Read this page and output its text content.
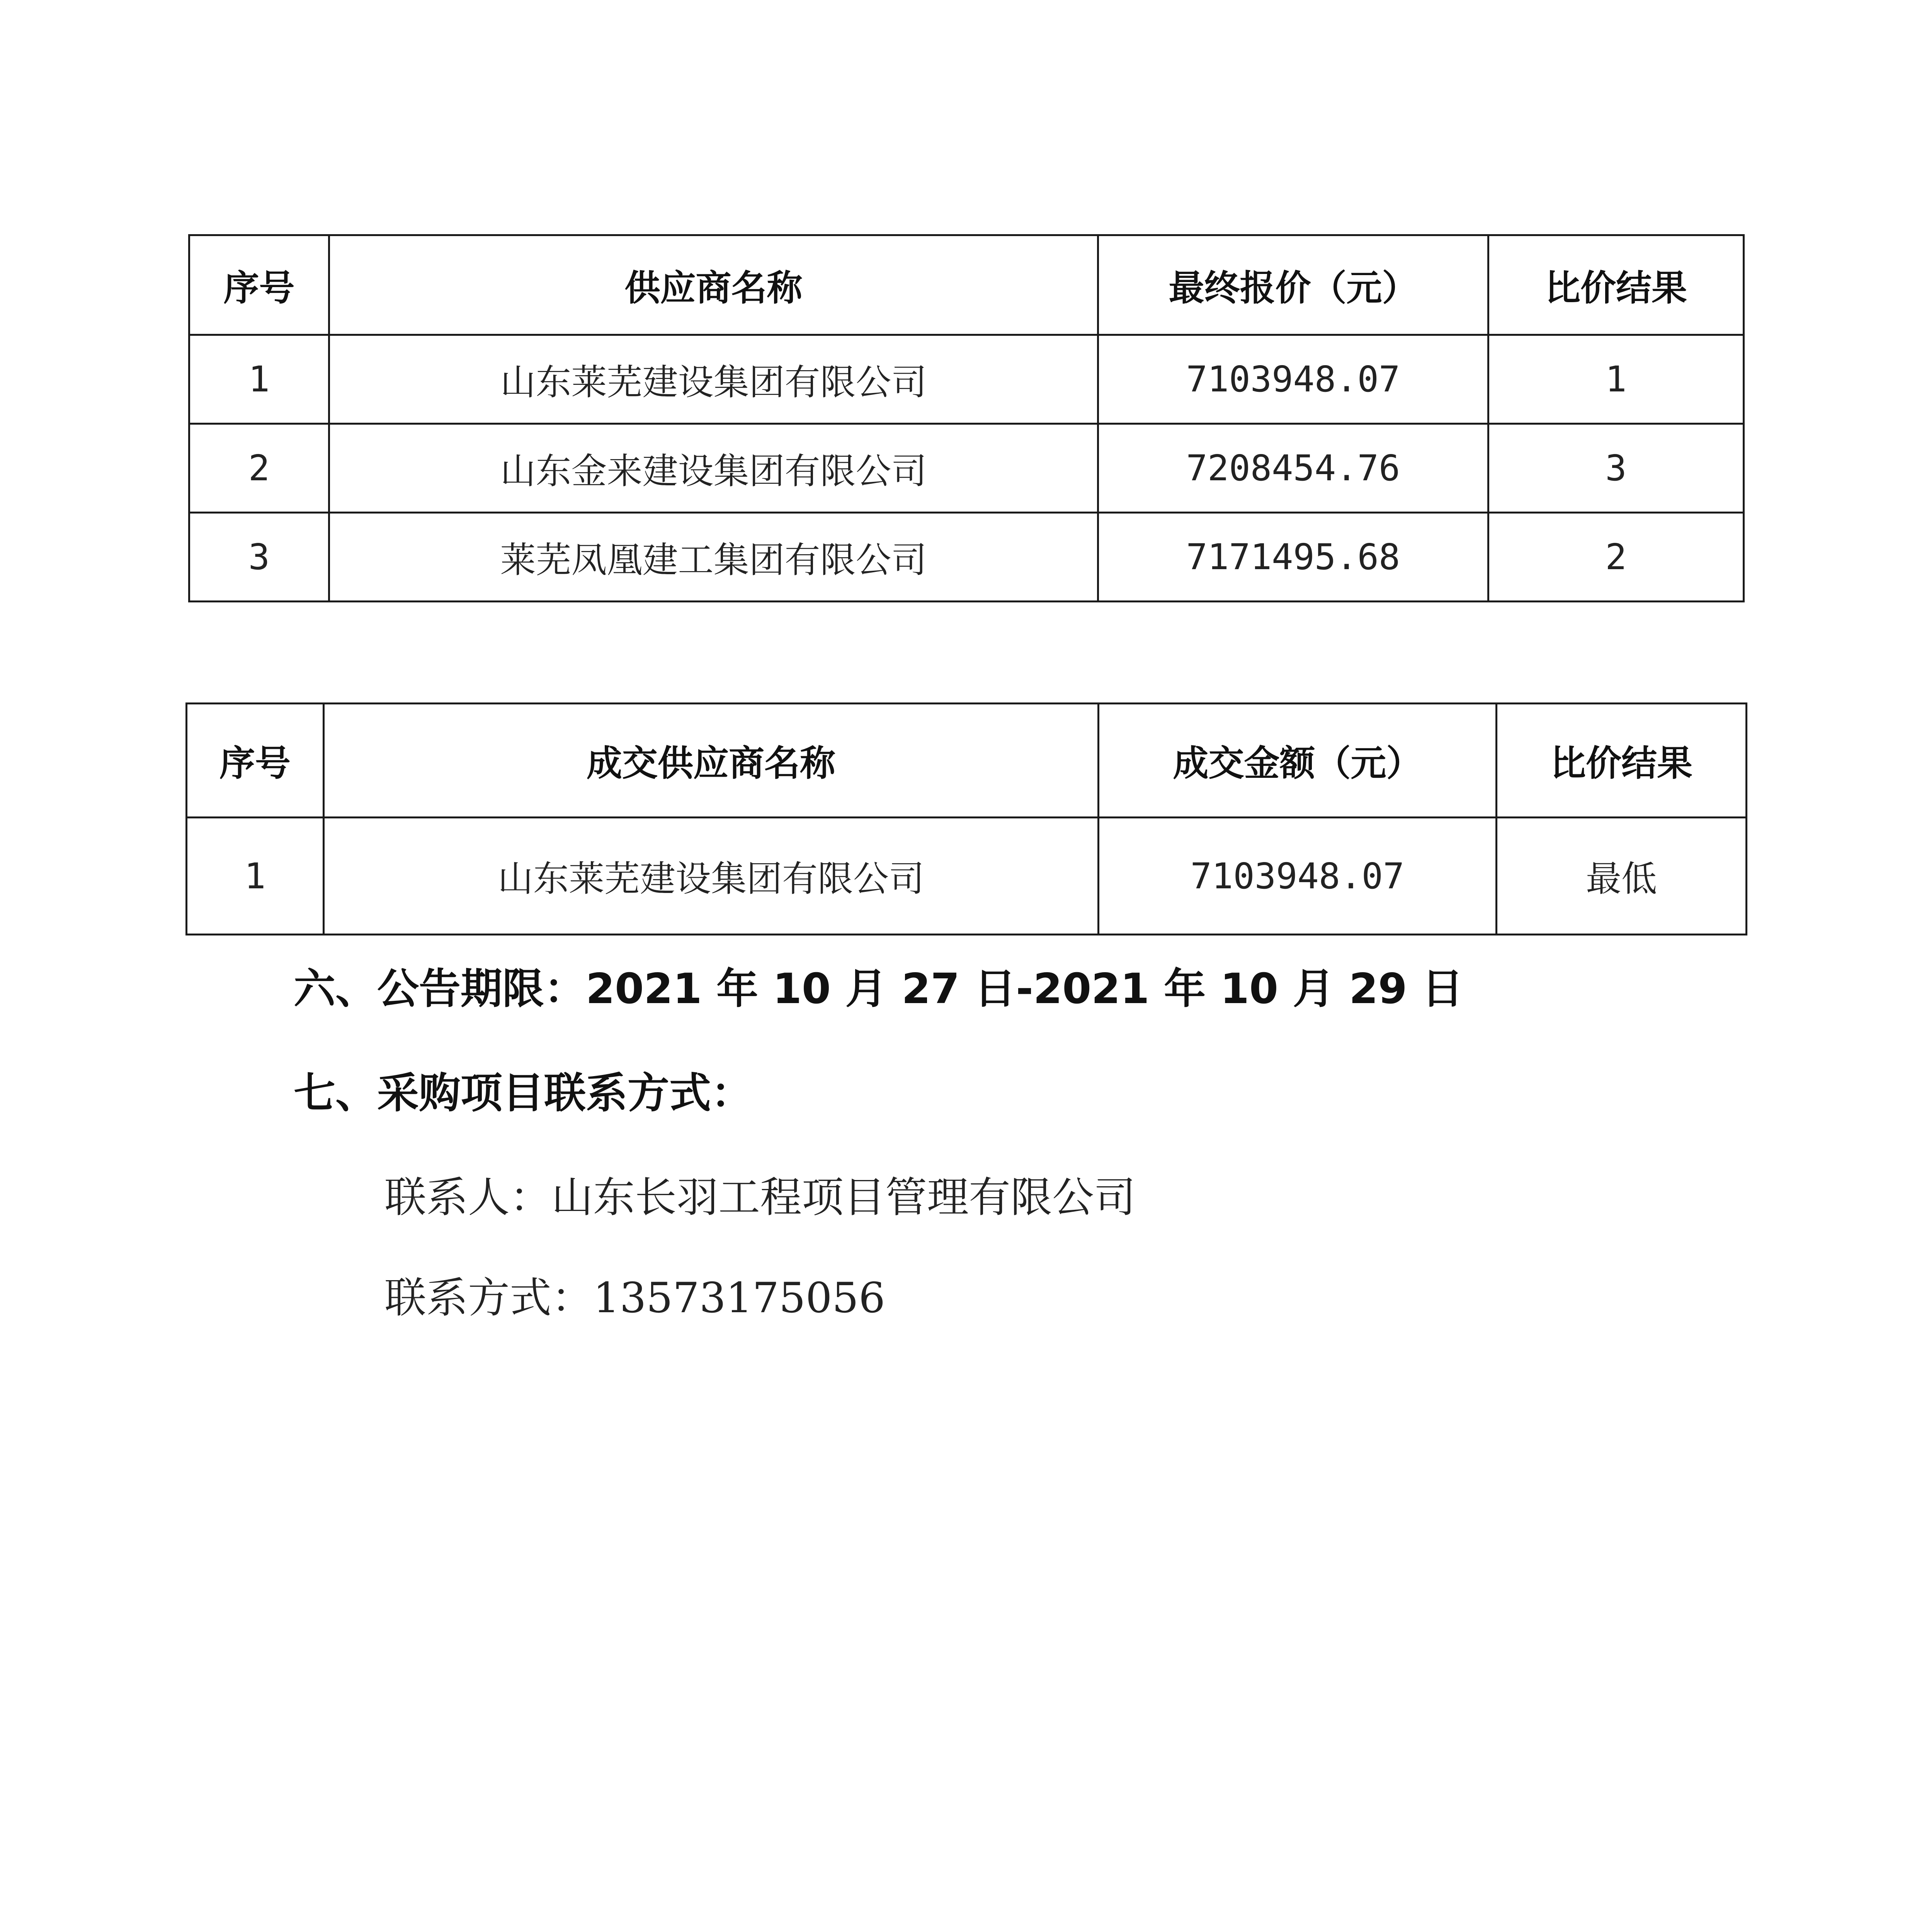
序号	供应商名称	最终报价（元）	比价结果
1	山东莱芜建设集团有限公司	7103948.07	1
2	山东金来建设集团有限公司	7208454.76	3
3	莱芜凤凰建工集团有限公司	7171495.68	2
序号	成交供应商名称	成交金额（元）	比价结果
1	山东莱芜建设集团有限公司	7103948.07	最低
六、公告期限：2021 年 10 月 27 日-2021 年 10 月 29 日
七、采购项目联系方式：
联系人：山东长羽工程项目管理有限公司
联系方式：13573175056
